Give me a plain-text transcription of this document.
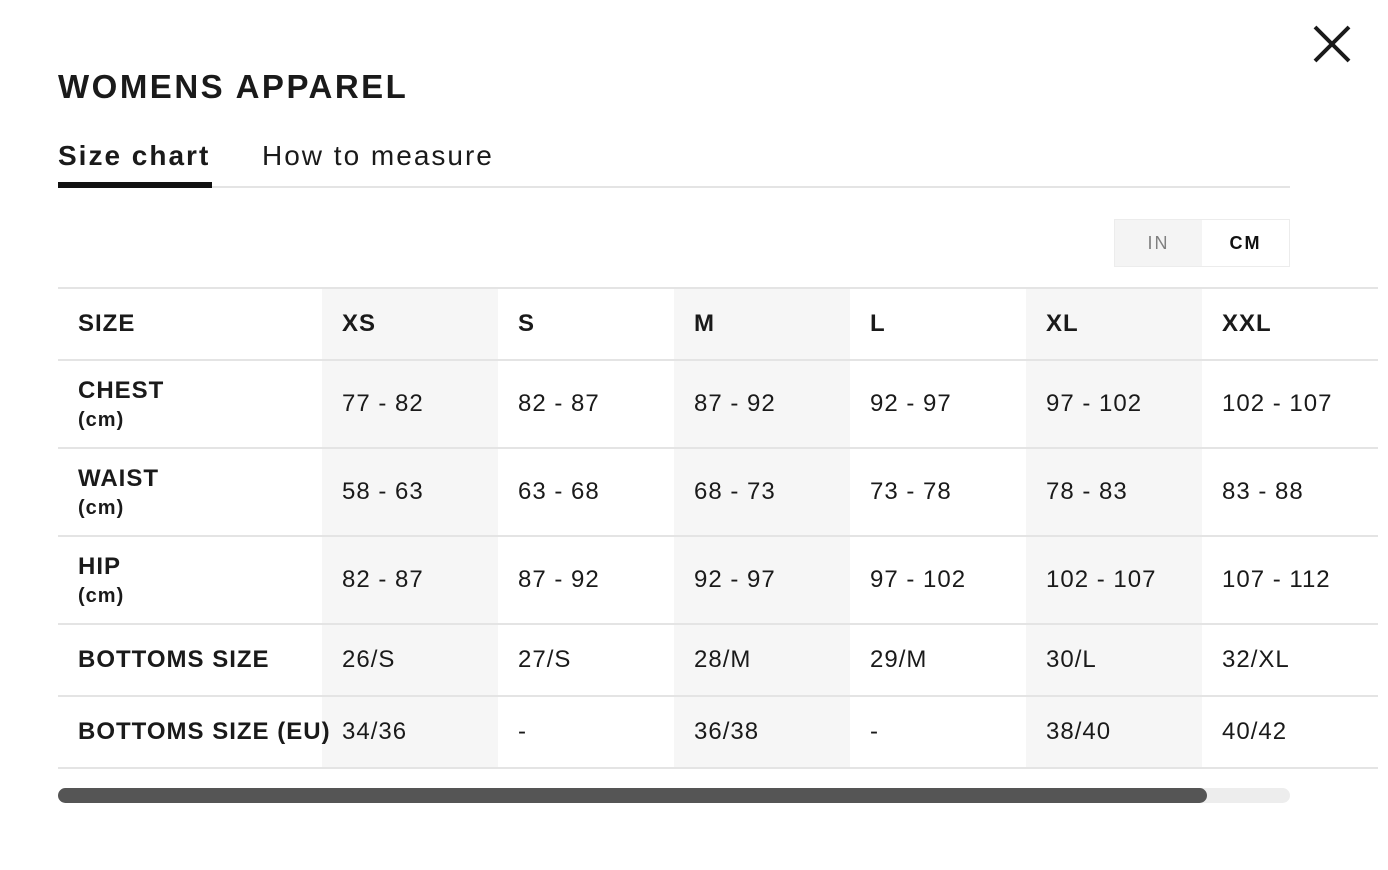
WOMENS APPAREL
Size chart How to measure
IN	CM
SIZE	XS	S	M	L	XL	XXL
CHEST
(cm)	77 - 82	82 - 87	87 - 92	92 - 97	97 - 102	102 - 107
WAIST
(cm)	58 - 63	63 - 68	68 - 73	73 - 78	78 - 83	83 - 88
HIP
(cm)	82 - 87	87 - 92	92 - 97	97 - 102	102 - 107	107 - 112
BOTTOMS SIZE	26/S	27/S	28/M	29/M	30/L	32/XL
BOTTOMS SIZE (EU)	34/36	-	36/38	-	38/40	40/42
